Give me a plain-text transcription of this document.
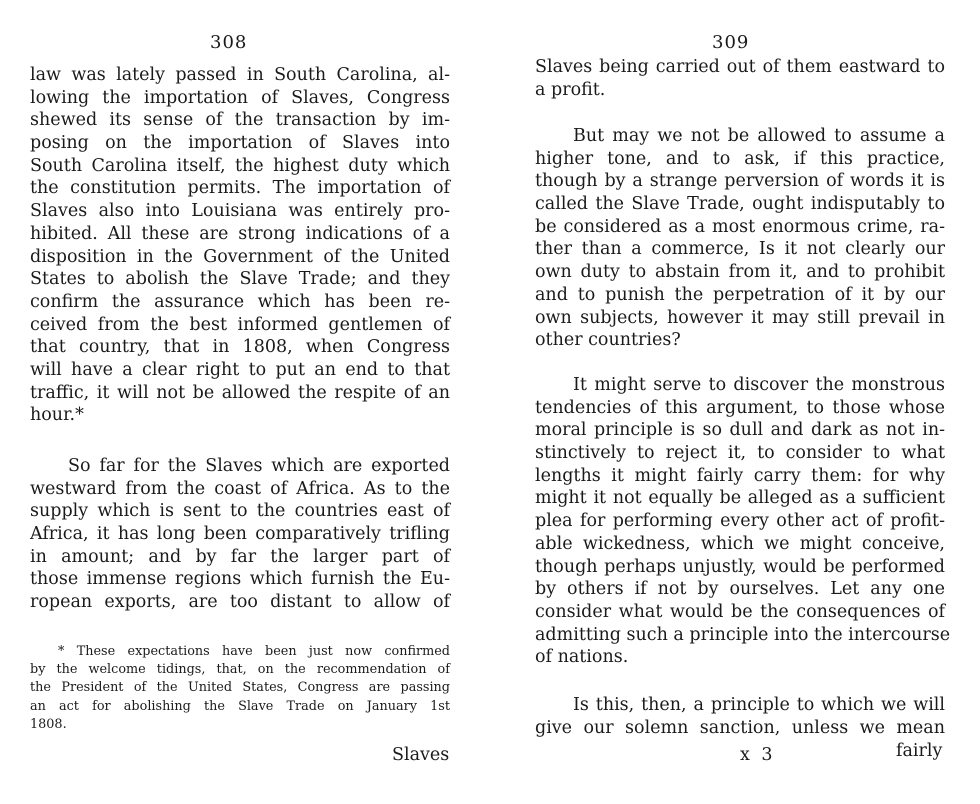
308
law was lately passed in South Carolina, al-
lowing the importation of Slaves, Congress
shewed its sense of the transaction by im-
posing on the importation of Slaves into
South Carolina itself, the highest duty which
the constitution permits. The importation of
Slaves also into Louisiana was entirely pro-
hibited. All these are strong indications of a
disposition in the Government of the United
States to abolish the Slave Trade; and they
confirm the assurance which has been re-
ceived from the best informed gentlemen of
that country, that in 1808, when Congress
will have a clear right to put an end to that
traffic, it will not be allowed the respite of an
hour.*
So far for the Slaves which are exported
westward from the coast of Africa. As to the
supply which is sent to the countries east of
Africa, it has long been comparatively trifling
in amount; and by far the larger part of
those immense regions which furnish the Eu-
ropean exports, are too distant to allow of
* These expectations have been just now confirmed
by the welcome tidings, that, on the recommendation of
the President of the United States, Congress are passing
an act for abolishing the Slave Trade on January 1st
1808.
Slaves
309
Slaves being carried out of them eastward to
a profit.
But may we not be allowed to assume a
higher tone, and to ask, if this practice,
though by a strange perversion of words it is
called the Slave Trade, ought indisputably to
be considered as a most enormous crime, ra-
ther than a commerce, Is it not clearly our
own duty to abstain from it, and to prohibit
and to punish the perpetration of it by our
own subjects, however it may still prevail in
other countries?
It might serve to discover the monstrous
tendencies of this argument, to those whose
moral principle is so dull and dark as not in-
stinctively to reject it, to consider to what
lengths it might fairly carry them: for why
might it not equally be alleged as a sufficient
plea for performing every other act of profit-
able wickedness, which we might conceive,
though perhaps unjustly, would be performed
by others if not by ourselves. Let any one
consider what would be the consequences of
admitting such a principle into the intercourse
of nations.
Is this, then, a principle to which we will
give our solemn sanction, unless we mean
x 3	fairly
